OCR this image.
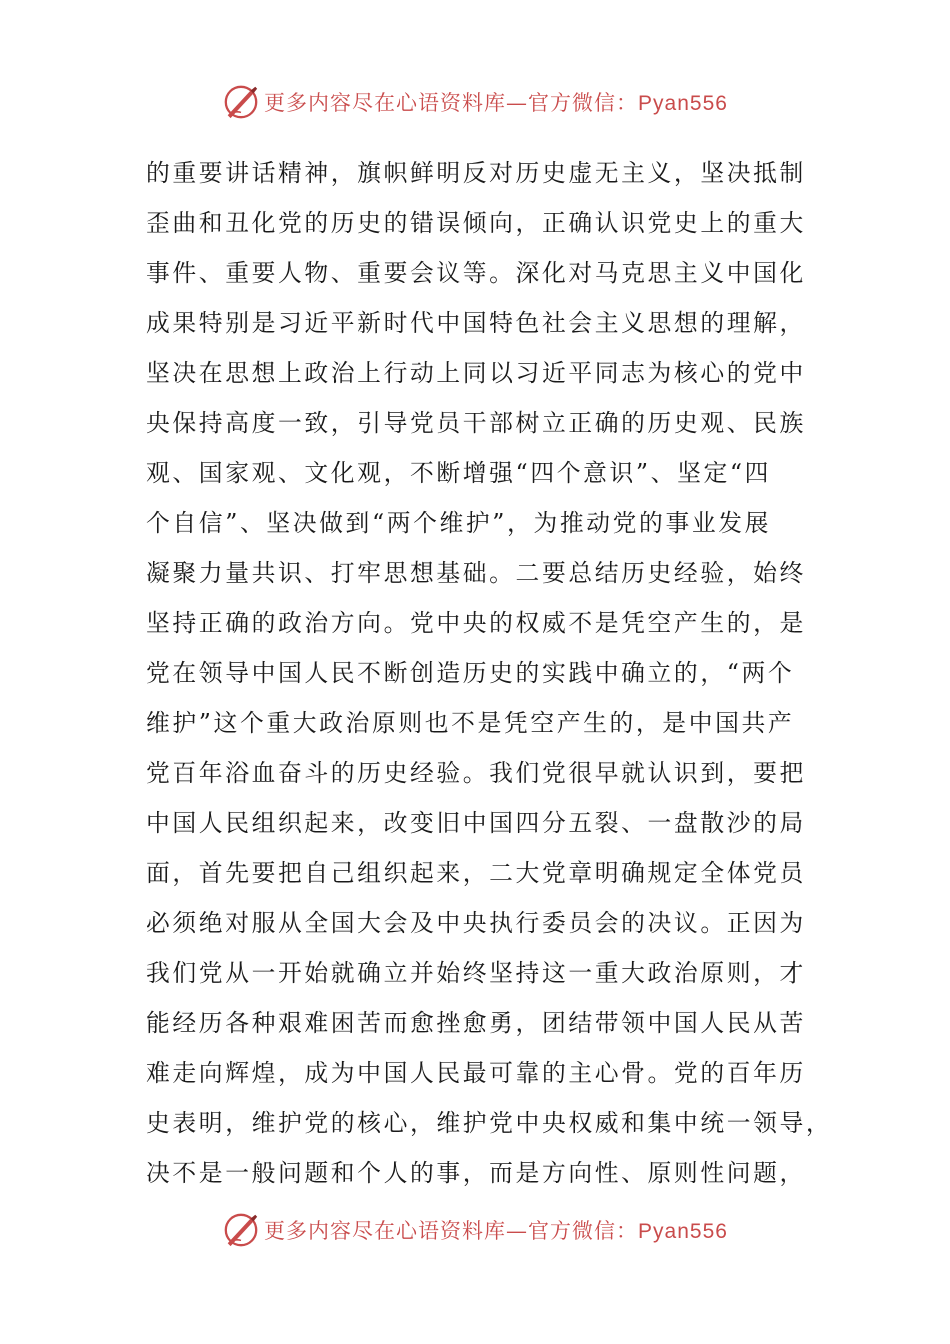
更多内容尽在心语资料库—官方微信：Pyan556
的重要讲话精神，旗帜鲜明反对历史虚无主义，坚决抵制
歪曲和丑化党的历史的错误倾向，正确认识党史上的重大
事件、重要人物、重要会议等。深化对马克思主义中国化
成果特别是习近平新时代中国特色社会主义思想的理解，
坚决在思想上政治上行动上同以习近平同志为核心的党中
央保持高度一致，引导党员干部树立正确的历史观、民族
观、国家观、文化观，不断增强“四个意识”、坚定“四
个自信”、坚决做到“两个维护”，为推动党的事业发展
凝聚力量共识、打牢思想基础。二要总结历史经验，始终
坚持正确的政治方向。党中央的权威不是凭空产生的，是
党在领导中国人民不断创造历史的实践中确立的，“两个
维护”这个重大政治原则也不是凭空产生的，是中国共产
党百年浴血奋斗的历史经验。我们党很早就认识到，要把
中国人民组织起来，改变旧中国四分五裂、一盘散沙的局
面，首先要把自己组织起来，二大党章明确规定全体党员
必须绝对服从全国大会及中央执行委员会的决议。正因为
我们党从一开始就确立并始终坚持这一重大政治原则，才
能经历各种艰难困苦而愈挫愈勇，团结带领中国人民从苦
难走向辉煌，成为中国人民最可靠的主心骨。党的百年历
史表明，维护党的核心，维护党中央权威和集中统一领导，
决不是一般问题和个人的事，而是方向性、原则性问题，
更多内容尽在心语资料库—官方微信：Pyan556
